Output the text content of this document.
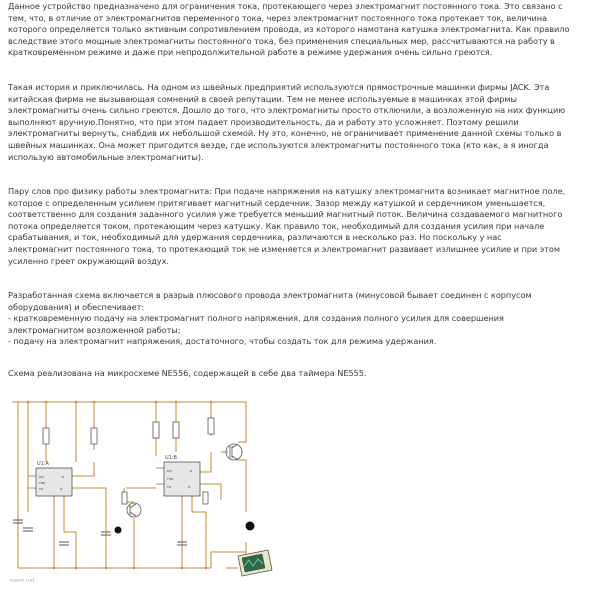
Данное устройство предназначено для ограничения тока, протекающего через электромагнит постоянного тока. Это связано с
тем, что, в отличие от электромагнитов переменного тока, через электромагнит постоянного тока протекает ток, величина
которого определяется только активным сопротивлением провода, из которого намотана катушка электромагнита. Как правило
вследствие этого мощные электромагниты постоянного тока, без применения специальных мер, рассчитываются на работу в
кратковременном режиме и даже при непродолжительной работе в режиме удержания очень сильно греются.

Такая история и приключилась. На одном из швейных предприятий используются прямострочные машинки фирмы JACK. Эта
китайская фирма не вызывающая сомнений в своей репутации. Тем не менее используемые в машинках этой фирмы
электромагниты очень сильно греются. Дошло до того, что электромагниты просто отключили, а возложенную на них функцию
выполняют вручную.Понятно, что при этом падает производительность, да и работу это усложняет. Поэтому решили
электромагниты вернуть, снабдив их небольшой схемой. Ну это, конечно, не ограничивает применение данной схемы только в
швейных машинках. Она может пригодится везде, где используются электромагниты постоянного тока (кто как, а я иногда
использую автомобильные электромагниты).

Пару слов про физику работы электромагнита: При подаче напряжения на катушку электромагнита возникает магнитное поле,
которое с определенным усилием притягивает магнитный сердечник. Зазор между катушкой и сердечником уменьшается,
соответственно для создания заданного усилия уже требуется меньший магнитный поток. Величина создаваемого магнитного
потока определяется током, протекающим через катушку. Как правило ток, необходимый для создания усилия при начале
срабатывания, и ток, необходимый для удержания сердечника, различаются в несколько раз. Но поскольку у нас
электромагнит постоянного тока, то протекающий ток не изменяется и электромагнит развивает излишнее усилие и при этом
усиленно греет окружающий воздух.

Разработанная схема включается в разрыв плюсового провода электромагнита (минусовой бывает соединен с корпусом
оборудования) и обеспечивает:
- кратковременную подачу на электромагнит полного напряжения, для создания полного усилия для совершения
электромагнитом возложенной работы;
- подачу на электромагнит напряжения, достаточного, чтобы создать ток для режима удержания.

Схема реализована на микросхеме NE556, содержащей в себе два таймера NE555.

U1:A
DIS
THR
TR
R
Q
U1:B
DIS
THR
TR
R
Q
cxem.net
